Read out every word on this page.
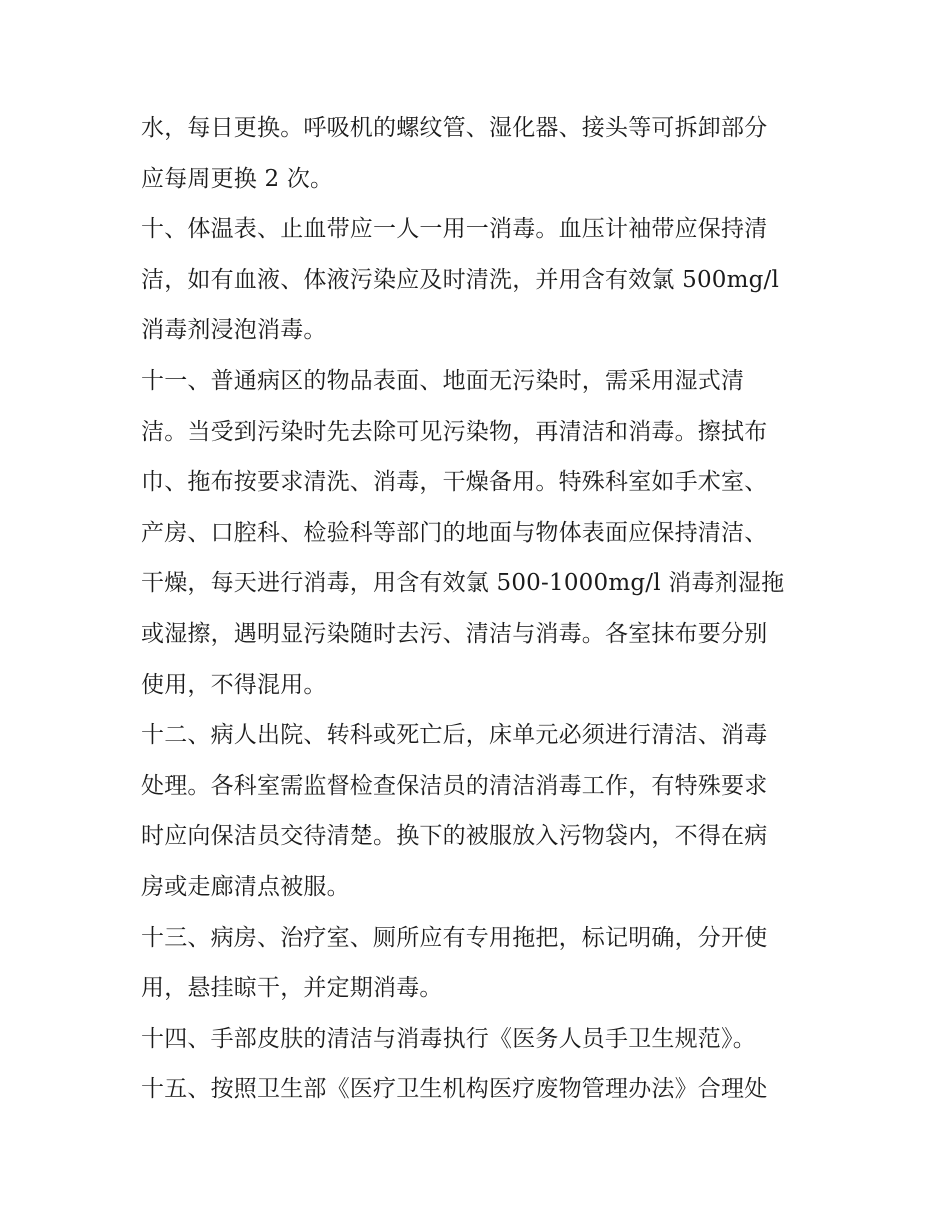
水，每日更换。呼吸机的螺纹管、湿化器、接头等可拆卸部分
应每周更换 2 次。
十、体温表、止血带应一人一用一消毒。血压计袖带应保持清
洁，如有血液、体液污染应及时清洗，并用含有效氯 500mg/l
消毒剂浸泡消毒。
十一、普通病区的物品表面、地面无污染时，需采用湿式清
洁。当受到污染时先去除可见污染物，再清洁和消毒。擦拭布
巾、拖布按要求清洗、消毒，干燥备用。特殊科室如手术室、
产房、口腔科、检验科等部门的地面与物体表面应保持清洁、
干燥，每天进行消毒，用含有效氯 500-1000mg/l 消毒剂湿拖
或湿擦，遇明显污染随时去污、清洁与消毒。各室抹布要分别
使用，不得混用。
十二、病人出院、转科或死亡后，床单元必须进行清洁、消毒
处理。各科室需监督检查保洁员的清洁消毒工作，有特殊要求
时应向保洁员交待清楚。换下的被服放入污物袋内，不得在病
房或走廊清点被服。
十三、病房、治疗室、厕所应有专用拖把，标记明确，分开使
用，悬挂晾干，并定期消毒。
十四、手部皮肤的清洁与消毒执行《医务人员手卫生规范》。
十五、按照卫生部《医疗卫生机构医疗废物管理办法》合理处
